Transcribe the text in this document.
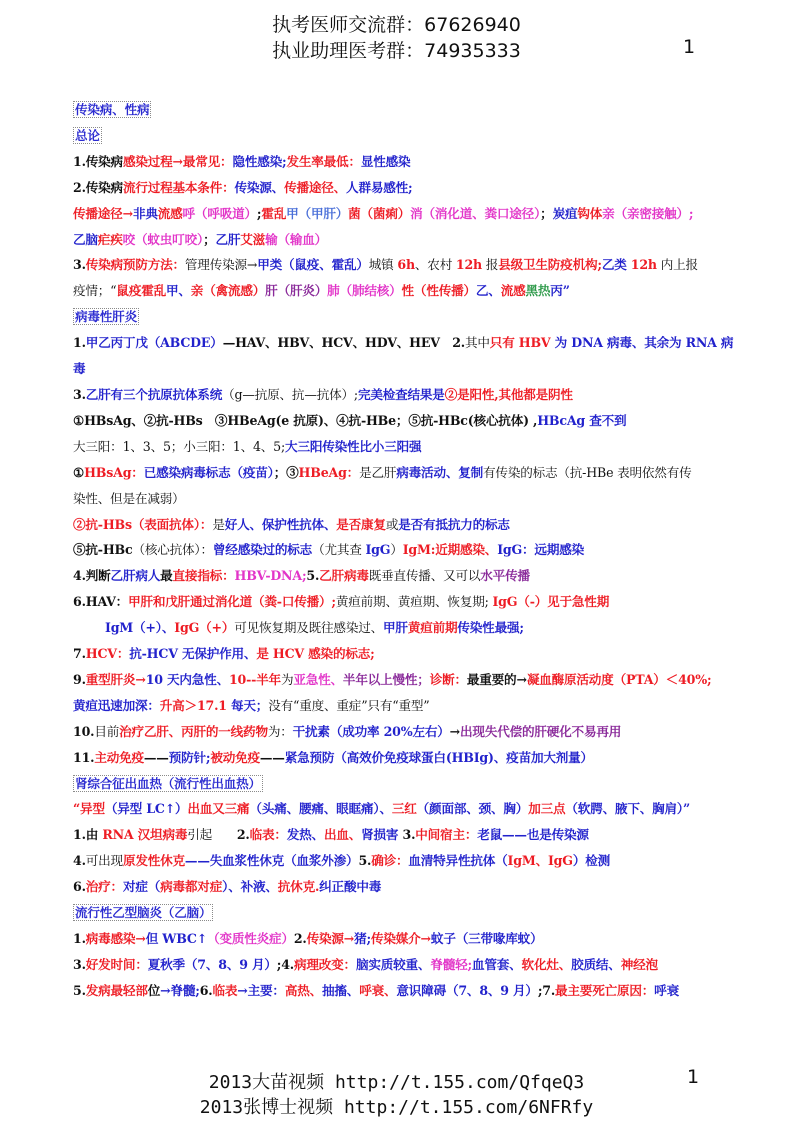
执考医师交流群：67626940
执业助理医考群：74935333	1
传染病、性病
总论
1.传染病感染过程→最常见：隐性感染;发生率最低：显性感染
2.传染病流行过程基本条件：传染源、传播途径、人群易感性;
传播途径→非典流感呼（呼吸道）;霍乱甲（甲肝）菌（菌痢）消（消化道、粪口途径）；炭疽钩体亲（亲密接触）;
乙脑疟疾咬（蚊虫叮咬）；乙肝艾滋输（输血）
3.传染病预防方法：管理传染源→甲类（鼠疫、霍乱）城镇 6h、农村 12h 报县级卫生防疫机构;乙类 12h 内上报
疫情；“鼠疫霍乱甲、亲（禽流感）肝（肝炎）肺（肺结核）性（性传播）乙、流感黑热丙”
病毒性肝炎
1.甲乙丙丁戊（ABCDE）—HAV、HBV、HCV、HDV、HEV　2.其中只有 HBV 为 DNA 病毒、其余为 RNA 病
毒
3.乙肝有三个抗原抗体系统（g—抗原、抗—抗体）;完美检查结果是②是阳性,其他都是阴性
①HBsAg、②抗-HBs　③HBeAg(e 抗原)、④抗-HBe；⑤抗-HBc(核心抗体) ,HBcAg 查不到
大三阳：1、3、5；小三阳：1、4、5;大三阳传染性比小三阳强
①HBsAg：已感染病毒标志（疫苗）；③HBeAg：是乙肝病毒活动、复制有传染的标志（抗-HBe 表明依然有传
染性、但是在减弱）
②抗-HBs（表面抗体）：是好人、保护性抗体、是否康复或是否有抵抗力的标志
⑤抗-HBc（核心抗体）：曾经感染过的标志（尤其查 IgG）IgM:近期感染、IgG：远期感染
4.判断乙肝病人最直接指标：HBV-DNA;5.乙肝病毒既垂直传播、又可以水平传播
6.HAV：甲肝和戊肝通过消化道（粪-口传播）;黄疸前期、黄疸期、恢复期; IgG（-）见于急性期
IgM（+）、IgG（+）可见恢复期及既往感染过、甲肝黄疸前期传染性最强;
7.HCV：抗-HCV 无保护作用、是 HCV 感染的标志;
9.重型肝炎→10 天内急性、10--半年为亚急性、半年以上慢性；诊断：最重要的→凝血酶原活动度（PTA）＜40%;
黄疸迅速加深：升高＞17.1 每天；没有“重度、重症”只有“重型”
10.目前治疗乙肝、丙肝的一线药物为：干扰素（成功率 20%左右）→出现失代偿的肝硬化不易再用
11.主动免疫——预防针;被动免疫——紧急预防（高效价免疫球蛋白(HBIg)、疫苗加大剂量）
肾综合征出血热（流行性出血热）
“异型（异型 LC↑）出血又三痛（头痛、腰痛、眼眶痛）、三红（颜面部、颈、胸）加三点（软腭、腋下、胸肩）”
1.由 RNA 汉坦病毒引起　　2.临表：发热、出血、肾损害 3.中间宿主：老鼠——也是传染源
4.可出现原发性休克——失血浆性休克（血浆外渗）5.确诊：血清特异性抗体（IgM、IgG）检测
6.治疗：对症（病毒都对症）、补液、抗休克.纠正酸中毒
流行性乙型脑炎（乙脑）
1.病毒感染→但 WBC↑（变质性炎症）2.传染源→猪;传染媒介→蚊子（三带喙库蚊）
3.好发时间：夏秋季（7、8、9 月）;4.病理改变：脑实质较重、脊髓轻;血管套、软化灶、胶质结、神经泡
5.发病最轻部位→脊髓;6.临表→主要：高热、抽搐、呼衰、意识障碍（7、8、9 月）;7.最主要死亡原因：呼衰
2013大苗视频 http://t.155.com/QfqeQ3
2013张博士视频 http://t.155.com/6NFRfy
1
